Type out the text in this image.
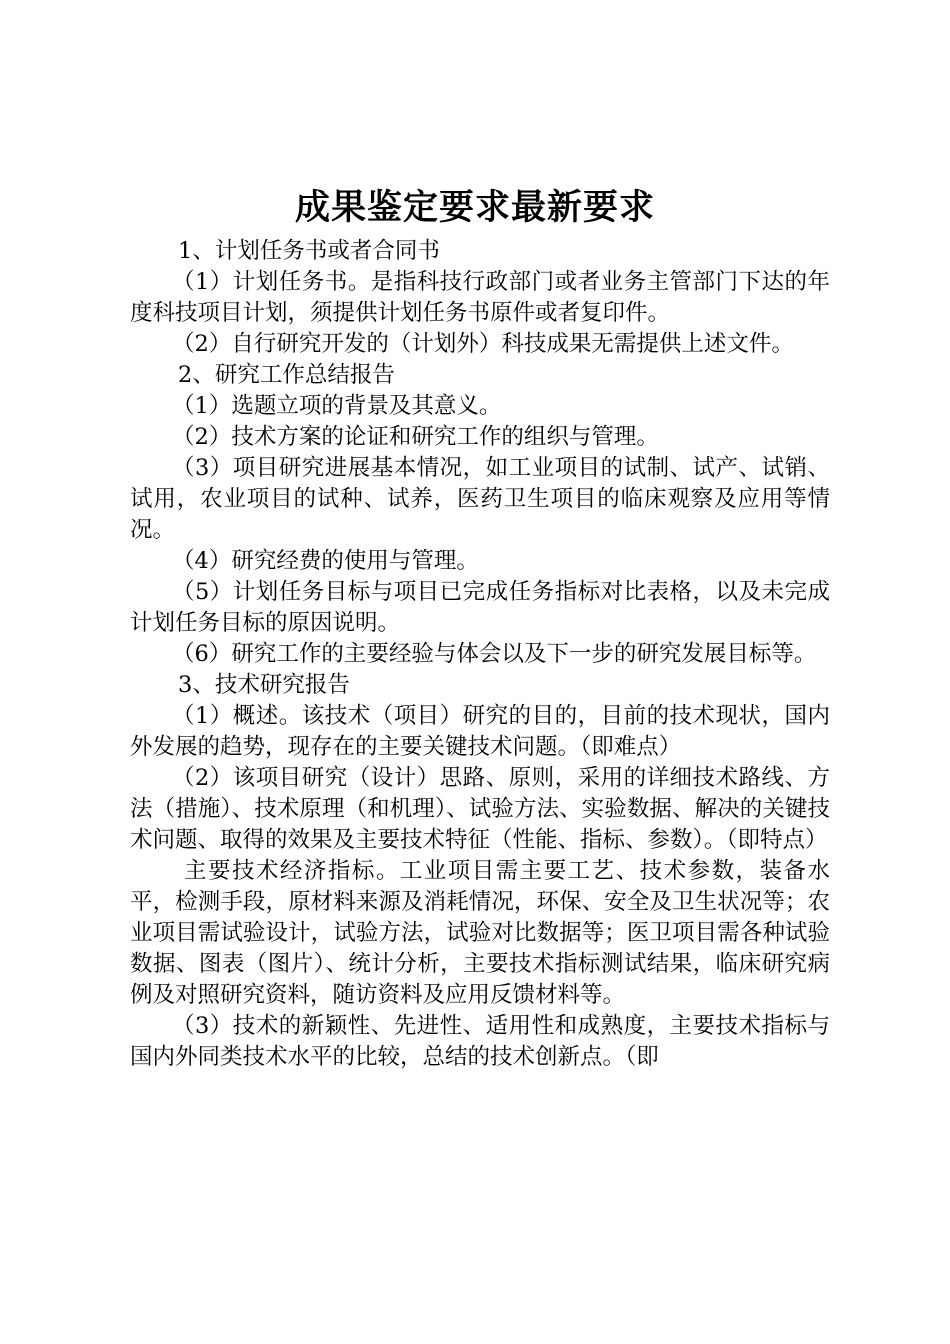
成果鉴定要求最新要求

1、计划任务书或者合同书

（1）计划任务书。是指科技行政部门或者业务主管部门下达的年度科技项目计划，须提供计划任务书原件或者复印件。

（2）自行研究开发的（计划外）科技成果无需提供上述文件。

2、研究工作总结报告

（1）选题立项的背景及其意义。

（2）技术方案的论证和研究工作的组织与管理。

（3）项目研究进展基本情况，如工业项目的试制、试产、试销、试用，农业项目的试种、试养，医药卫生项目的临床观察及应用等情况。

（4）研究经费的使用与管理。

（5）计划任务目标与项目已完成任务指标对比表格，以及未完成计划任务目标的原因说明。

（6）研究工作的主要经验与体会以及下一步的研究发展目标等。

3、技术研究报告

（1）概述。该技术（项目）研究的目的，目前的技术现状，国内外发展的趋势，现存在的主要关键技术问题。（即难点）

（2）该项目研究（设计）思路、原则，采用的详细技术路线、方法（措施）、技术原理（和机理）、试验方法、实验数据、解决的关键技术问题、取得的效果及主要技术特征（性能、指标、参数）。（即特点）

主要技术经济指标。工业项目需主要工艺、技术参数，装备水平，检测手段，原材料来源及消耗情况，环保、安全及卫生状况等；农业项目需试验设计，试验方法，试验对比数据等；医卫项目需各种试验数据、图表（图片）、统计分析，主要技术指标测试结果，临床研究病例及对照研究资料，随访资料及应用反馈材料等。

（3）技术的新颖性、先进性、适用性和成熟度，主要技术指标与国内外同类技术水平的比较，总结的技术创新点。（即
